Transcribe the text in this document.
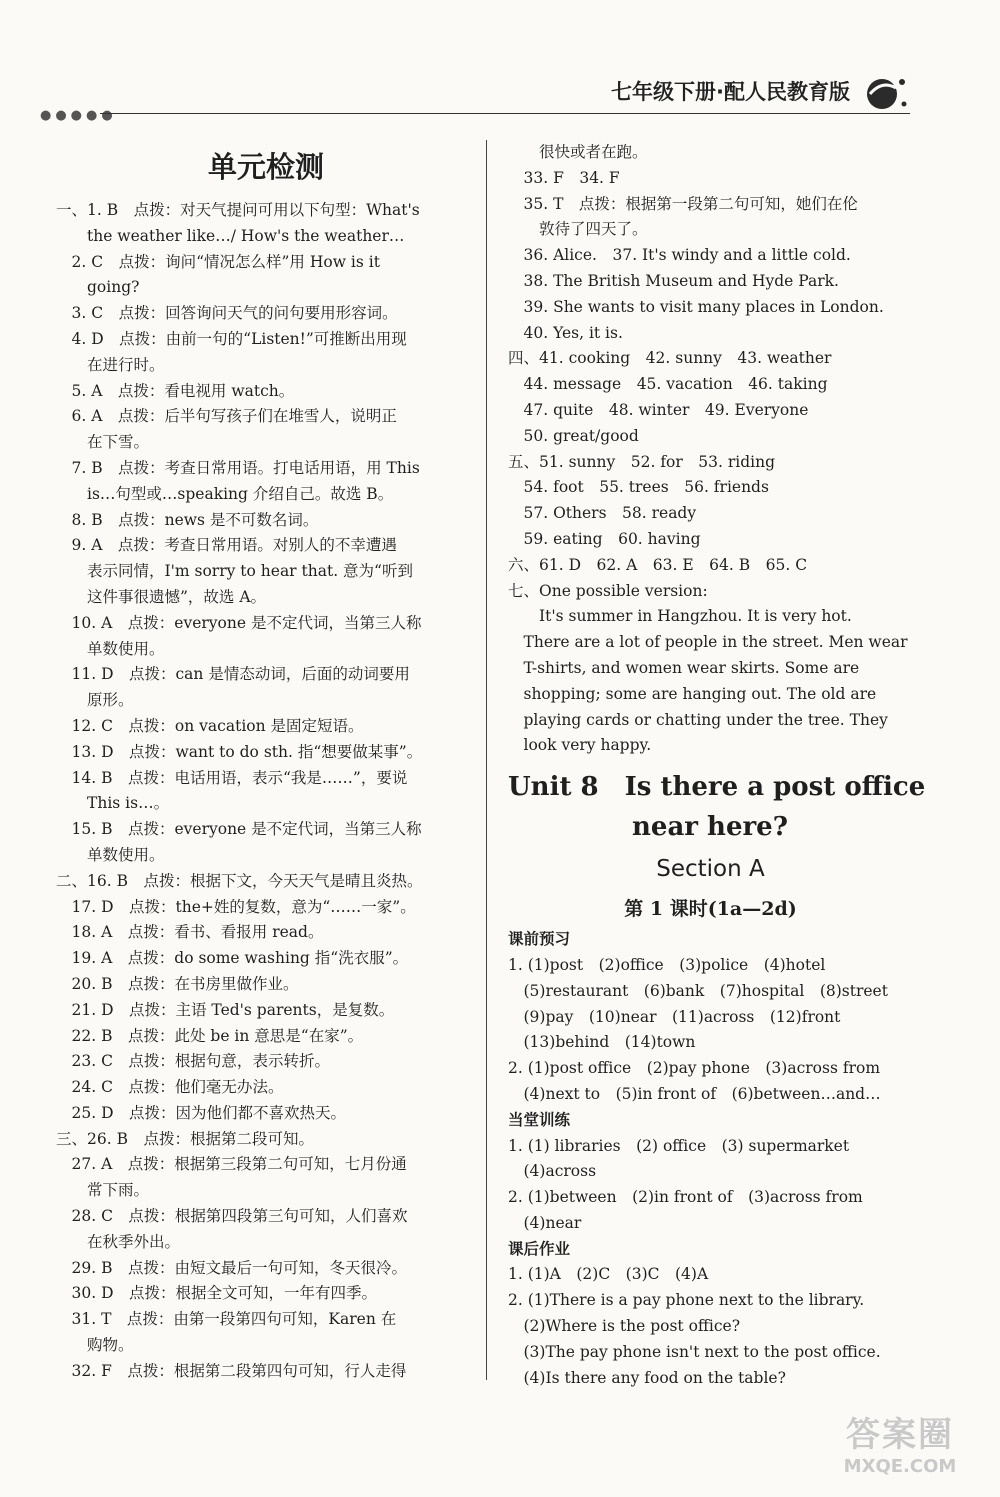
七年级下册·配人民教育版
●●●●●
单元检测
一、1. B　点拨：对天气提问可用以下句型：What's
　　the weather like…/ How's the weather…
　2. C　点拨：询问“情况怎么样”用 How is it
　　going?
　3. C　点拨：回答询问天气的问句要用形容词。
　4. D　点拨：由前一句的“Listen!”可推断出用现
　　在进行时。
　5. A　点拨：看电视用 watch。
　6. A　点拨：后半句写孩子们在堆雪人，说明正
　　在下雪。
　7. B　点拨：考查日常用语。打电话用语，用 This
　　is…句型或…speaking 介绍自己。故选 B。
　8. B　点拨：news 是不可数名词。
　9. A　点拨：考查日常用语。对别人的不幸遭遇
　　表示同情，I'm sorry to hear that. 意为“听到
　　这件事很遗憾”，故选 A。
　10. A　点拨：everyone 是不定代词，当第三人称
　　单数使用。
　11. D　点拨：can 是情态动词，后面的动词要用
　　原形。
　12. C　点拨：on vacation 是固定短语。
　13. D　点拨：want to do sth. 指“想要做某事”。
　14. B　点拨：电话用语，表示“我是……”，要说
　　This is…。
　15. B　点拨：everyone 是不定代词，当第三人称
　　单数使用。
二、16. B　点拨：根据下文，今天天气是晴且炎热。
　17. D　点拨：the+姓的复数，意为“……一家”。
　18. A　点拨：看书、看报用 read。
　19. A　点拨：do some washing 指“洗衣服”。
　20. B　点拨：在书房里做作业。
　21. D　点拨：主语 Ted's parents，是复数。
　22. B　点拨：此处 be in 意思是“在家”。
　23. C　点拨：根据句意，表示转折。
　24. C　点拨：他们毫无办法。
　25. D　点拨：因为他们都不喜欢热天。
三、26. B　点拨：根据第二段可知。
　27. A　点拨：根据第三段第二句可知，七月份通
　　常下雨。
　28. C　点拨：根据第四段第三句可知，人们喜欢
　　在秋季外出。
　29. B　点拨：由短文最后一句可知，冬天很冷。
　30. D　点拨：根据全文可知，一年有四季。
　31. T　点拨：由第一段第四句可知，Karen 在
　　购物。
　32. F　点拨：根据第二段第四句可知，行人走得
　　很快或者在跑。
　33. F　34. F
　35. T　点拨：根据第一段第二句可知，她们在伦
　　敦待了四天了。
　36. Alice.　37. It's windy and a little cold.
　38. The British Museum and Hyde Park.
　39. She wants to visit many places in London.
　40. Yes, it is.
四、41. cooking　42. sunny　43. weather
　44. message　45. vacation　46. taking
　47. quite　48. winter　49. Everyone
　50. great/good
五、51. sunny　52. for　53. riding
　54. foot　55. trees　56. friends
　57. Others　58. ready
　59. eating　60. having
六、61. D　62. A　63. E　64. B　65. C
七、One possible version:
　　It's summer in Hangzhou. It is very hot.
　There are a lot of people in the street. Men wear
　T-shirts, and women wear skirts. Some are
　shopping; some are hanging out. The old are
　playing cards or chatting under the tree. They
　look very happy.
Unit 8　Is there a post office
near here?
Section A
第 1 课时(1a—2d)
课前预习
1. (1)post　(2)office　(3)police　(4)hotel
　(5)restaurant　(6)bank　(7)hospital　(8)street
　(9)pay　(10)near　(11)across　(12)front
　(13)behind　(14)town
2. (1)post office　(2)pay phone　(3)across from
　(4)next to　(5)in front of　(6)between…and…
当堂训练
1. (1) libraries　(2) office　(3) supermarket
　(4)across
2. (1)between　(2)in front of　(3)across from
　(4)near
课后作业
1. (1)A　(2)C　(3)C　(4)A
2. (1)There is a pay phone next to the library.
　(2)Where is the post office?
　(3)The pay phone isn't next to the post office.
　(4)Is there any food on the table?
答案圈
MXQE.COM
